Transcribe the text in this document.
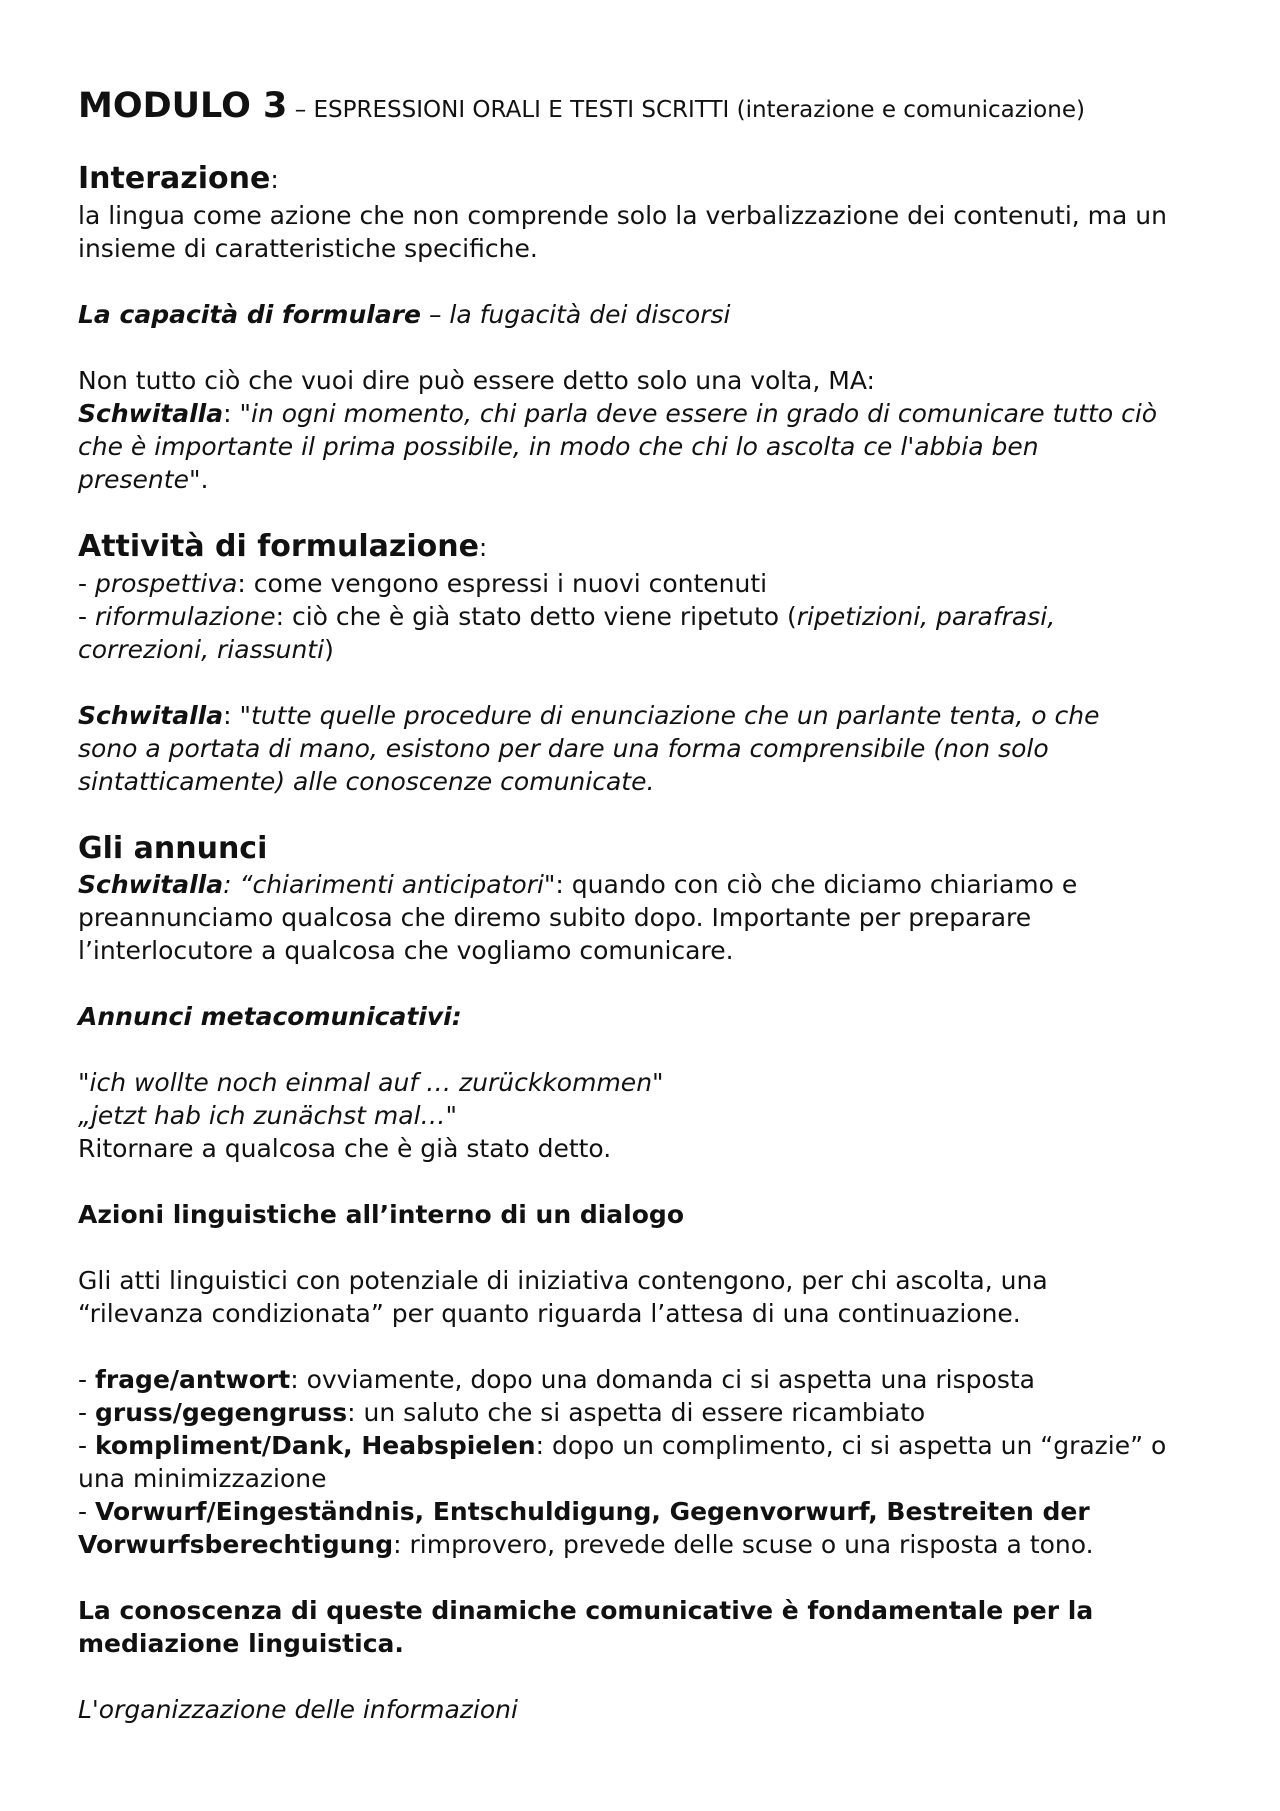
MODULO 3 – ESPRESSIONI ORALI E TESTI SCRITTI (interazione e comunicazione)
Interazione:

la lingua come azione che non comprende solo la verbalizzazione dei contenuti, ma un

insieme di caratteristiche specifiche.

La capacità di formulare – la fugacità dei discorsi

Non tutto ciò che vuoi dire può essere detto solo una volta, MA:

Schwitalla: "in ogni momento, chi parla deve essere in grado di comunicare tutto ciò

che è importante il prima possibile, in modo che chi lo ascolta ce l'abbia ben

presente".

Attività di formulazione:

- prospettiva: come vengono espressi i nuovi contenuti

- riformulazione: ciò che è già stato detto viene ripetuto (ripetizioni, parafrasi,

correzioni, riassunti)

Schwitalla: "tutte quelle procedure di enunciazione che un parlante tenta, o che

sono a portata di mano, esistono per dare una forma comprensibile (non solo

sintatticamente) alle conoscenze comunicate.

Gli annunci

Schwitalla: “chiarimenti anticipatori": quando con ciò che diciamo chiariamo e

preannunciamo qualcosa che diremo subito dopo. Importante per preparare

l’interlocutore a qualcosa che vogliamo comunicare.

Annunci metacomunicativi:

"ich wollte noch einmal auf … zurückkommen"

„jetzt hab ich zunächst mal…"

Ritornare a qualcosa che è già stato detto.

Azioni linguistiche all’interno di un dialogo

Gli atti linguistici con potenziale di iniziativa contengono, per chi ascolta, una

“rilevanza condizionata” per quanto riguarda l’attesa di una continuazione.

- frage/antwort: ovviamente, dopo una domanda ci si aspetta una risposta

- gruss/gegengruss: un saluto che si aspetta di essere ricambiato

- kompliment/Dank, Heabspielen: dopo un complimento, ci si aspetta un “grazie” o

una minimizzazione

- Vorwurf/Eingeständnis, Entschuldigung, Gegenvorwurf, Bestreiten der

Vorwurfsberechtigung: rimprovero, prevede delle scuse o una risposta a tono.

La conoscenza di queste dinamiche comunicative è fondamentale per la

mediazione linguistica.

L'organizzazione delle informazioni
